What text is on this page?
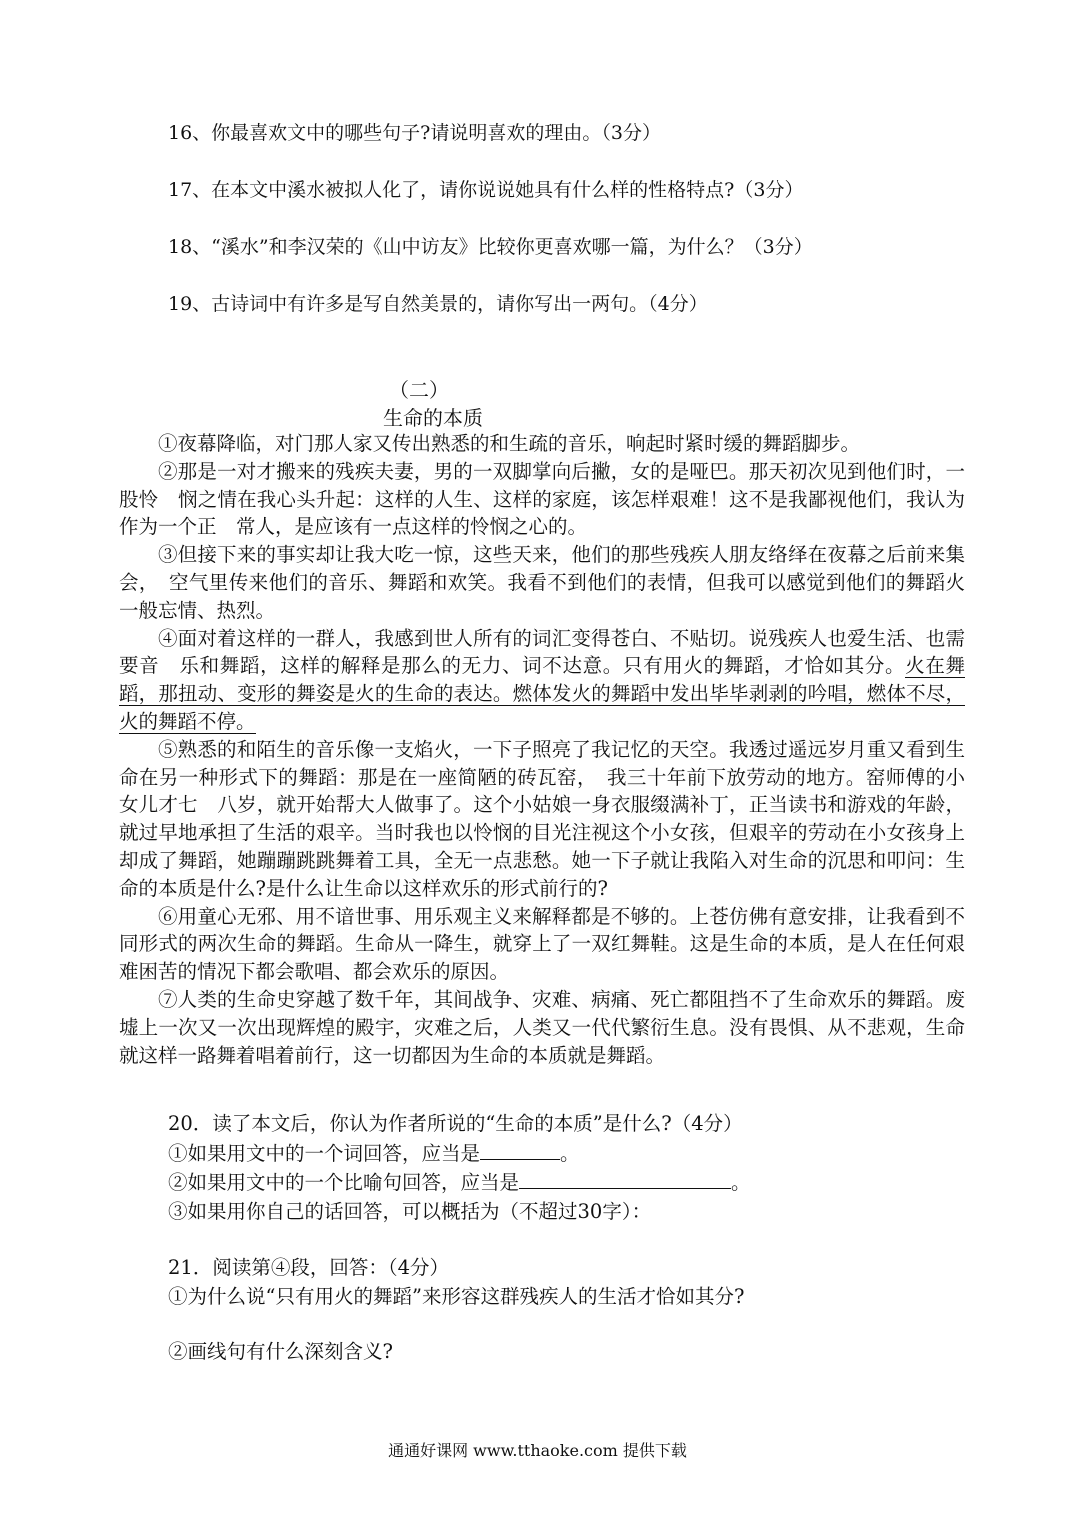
16、你最喜欢文中的哪些句子?请说明喜欢的理由。（3分）
17、在本文中溪水被拟人化了，请你说说她具有什么样的性格特点?（3分）
18、“溪水”和李汉荣的《山中访友》比较你更喜欢哪一篇，为什么？（3分）
19、古诗词中有许多是写自然美景的，请你写出一两句。（4分）
（二）
生命的本质

①夜幕降临，对门那人家又传出熟悉的和生疏的音乐，响起时紧时缓的舞蹈脚步。

②那是一对才搬来的残疾夫妻，男的一双脚掌向后撇，女的是哑巴。那天初次见到他们时，一股怜　悯之情在我心头升起：这样的人生、这样的家庭，该怎样艰难！这不是我鄙视他们，我认为作为一个正　常人，是应该有一点这样的怜悯之心的。

③但接下来的事实却让我大吃一惊，这些天来，他们的那些残疾人朋友络绎在夜幕之后前来集会，　空气里传来他们的音乐、舞蹈和欢笑。我看不到他们的表情，但我可以感觉到他们的舞蹈火一般忘情、热烈。

④面对着这样的一群人，我感到世人所有的词汇变得苍白、不贴切。说残疾人也爱生活、也需要音　乐和舞蹈，这样的解释是那么的无力、词不达意。只有用火的舞蹈，才恰如其分。火在舞蹈，那扭动、变形的舞姿是火的生命的表达。燃体发火的舞蹈中发出毕毕剥剥的吟唱，燃体不尽，火的舞蹈不停。

⑤熟悉的和陌生的音乐像一支焰火，一下子照亮了我记忆的天空。我透过遥远岁月重又看到生命在另一种形式下的舞蹈：那是在一座简陋的砖瓦窑，　我三十年前下放劳动的地方。窑师傅的小女儿才七　八岁，就开始帮大人做事了。这个小姑娘一身衣服缀满补丁，正当读书和游戏的年龄，就过早地承担了生活的艰辛。当时我也以怜悯的目光注视这个小女孩，但艰辛的劳动在小女孩身上却成了舞蹈，她蹦蹦跳跳舞着工具，全无一点悲愁。她一下子就让我陷入对生命的沉思和叩问：生命的本质是什么?是什么让生命以这样欢乐的形式前行的?

⑥用童心无邪、用不谙世事、用乐观主义来解释都是不够的。上苍仿佛有意安排，让我看到不同形式的两次生命的舞蹈。生命从一降生，就穿上了一双红舞鞋。这是生命的本质，是人在任何艰难困苦的情况下都会歌唱、都会欢乐的原因。

⑦人类的生命史穿越了数千年，其间战争、灾难、病痛、死亡都阻挡不了生命欢乐的舞蹈。废墟上一次又一次出现辉煌的殿宇，灾难之后，人类又一代代繁衍生息。没有畏惧、从不悲观，生命就这样一路舞着唱着前行，这一切都因为生命的本质就是舞蹈。

20．读了本文后，你认为作者所说的“生命的本质”是什么?（4分）
①如果用文中的一个词回答，应当是	。
②如果用文中的一个比喻句回答，应当是	。
③如果用你自己的话回答，可以概括为（不超过30字）：
21．阅读第④段，回答：（4分）
①为什么说“只有用火的舞蹈”来形容这群残疾人的生活才恰如其分?
②画线句有什么深刻含义?
通通好课网 www.tthaoke.com 提供下载
